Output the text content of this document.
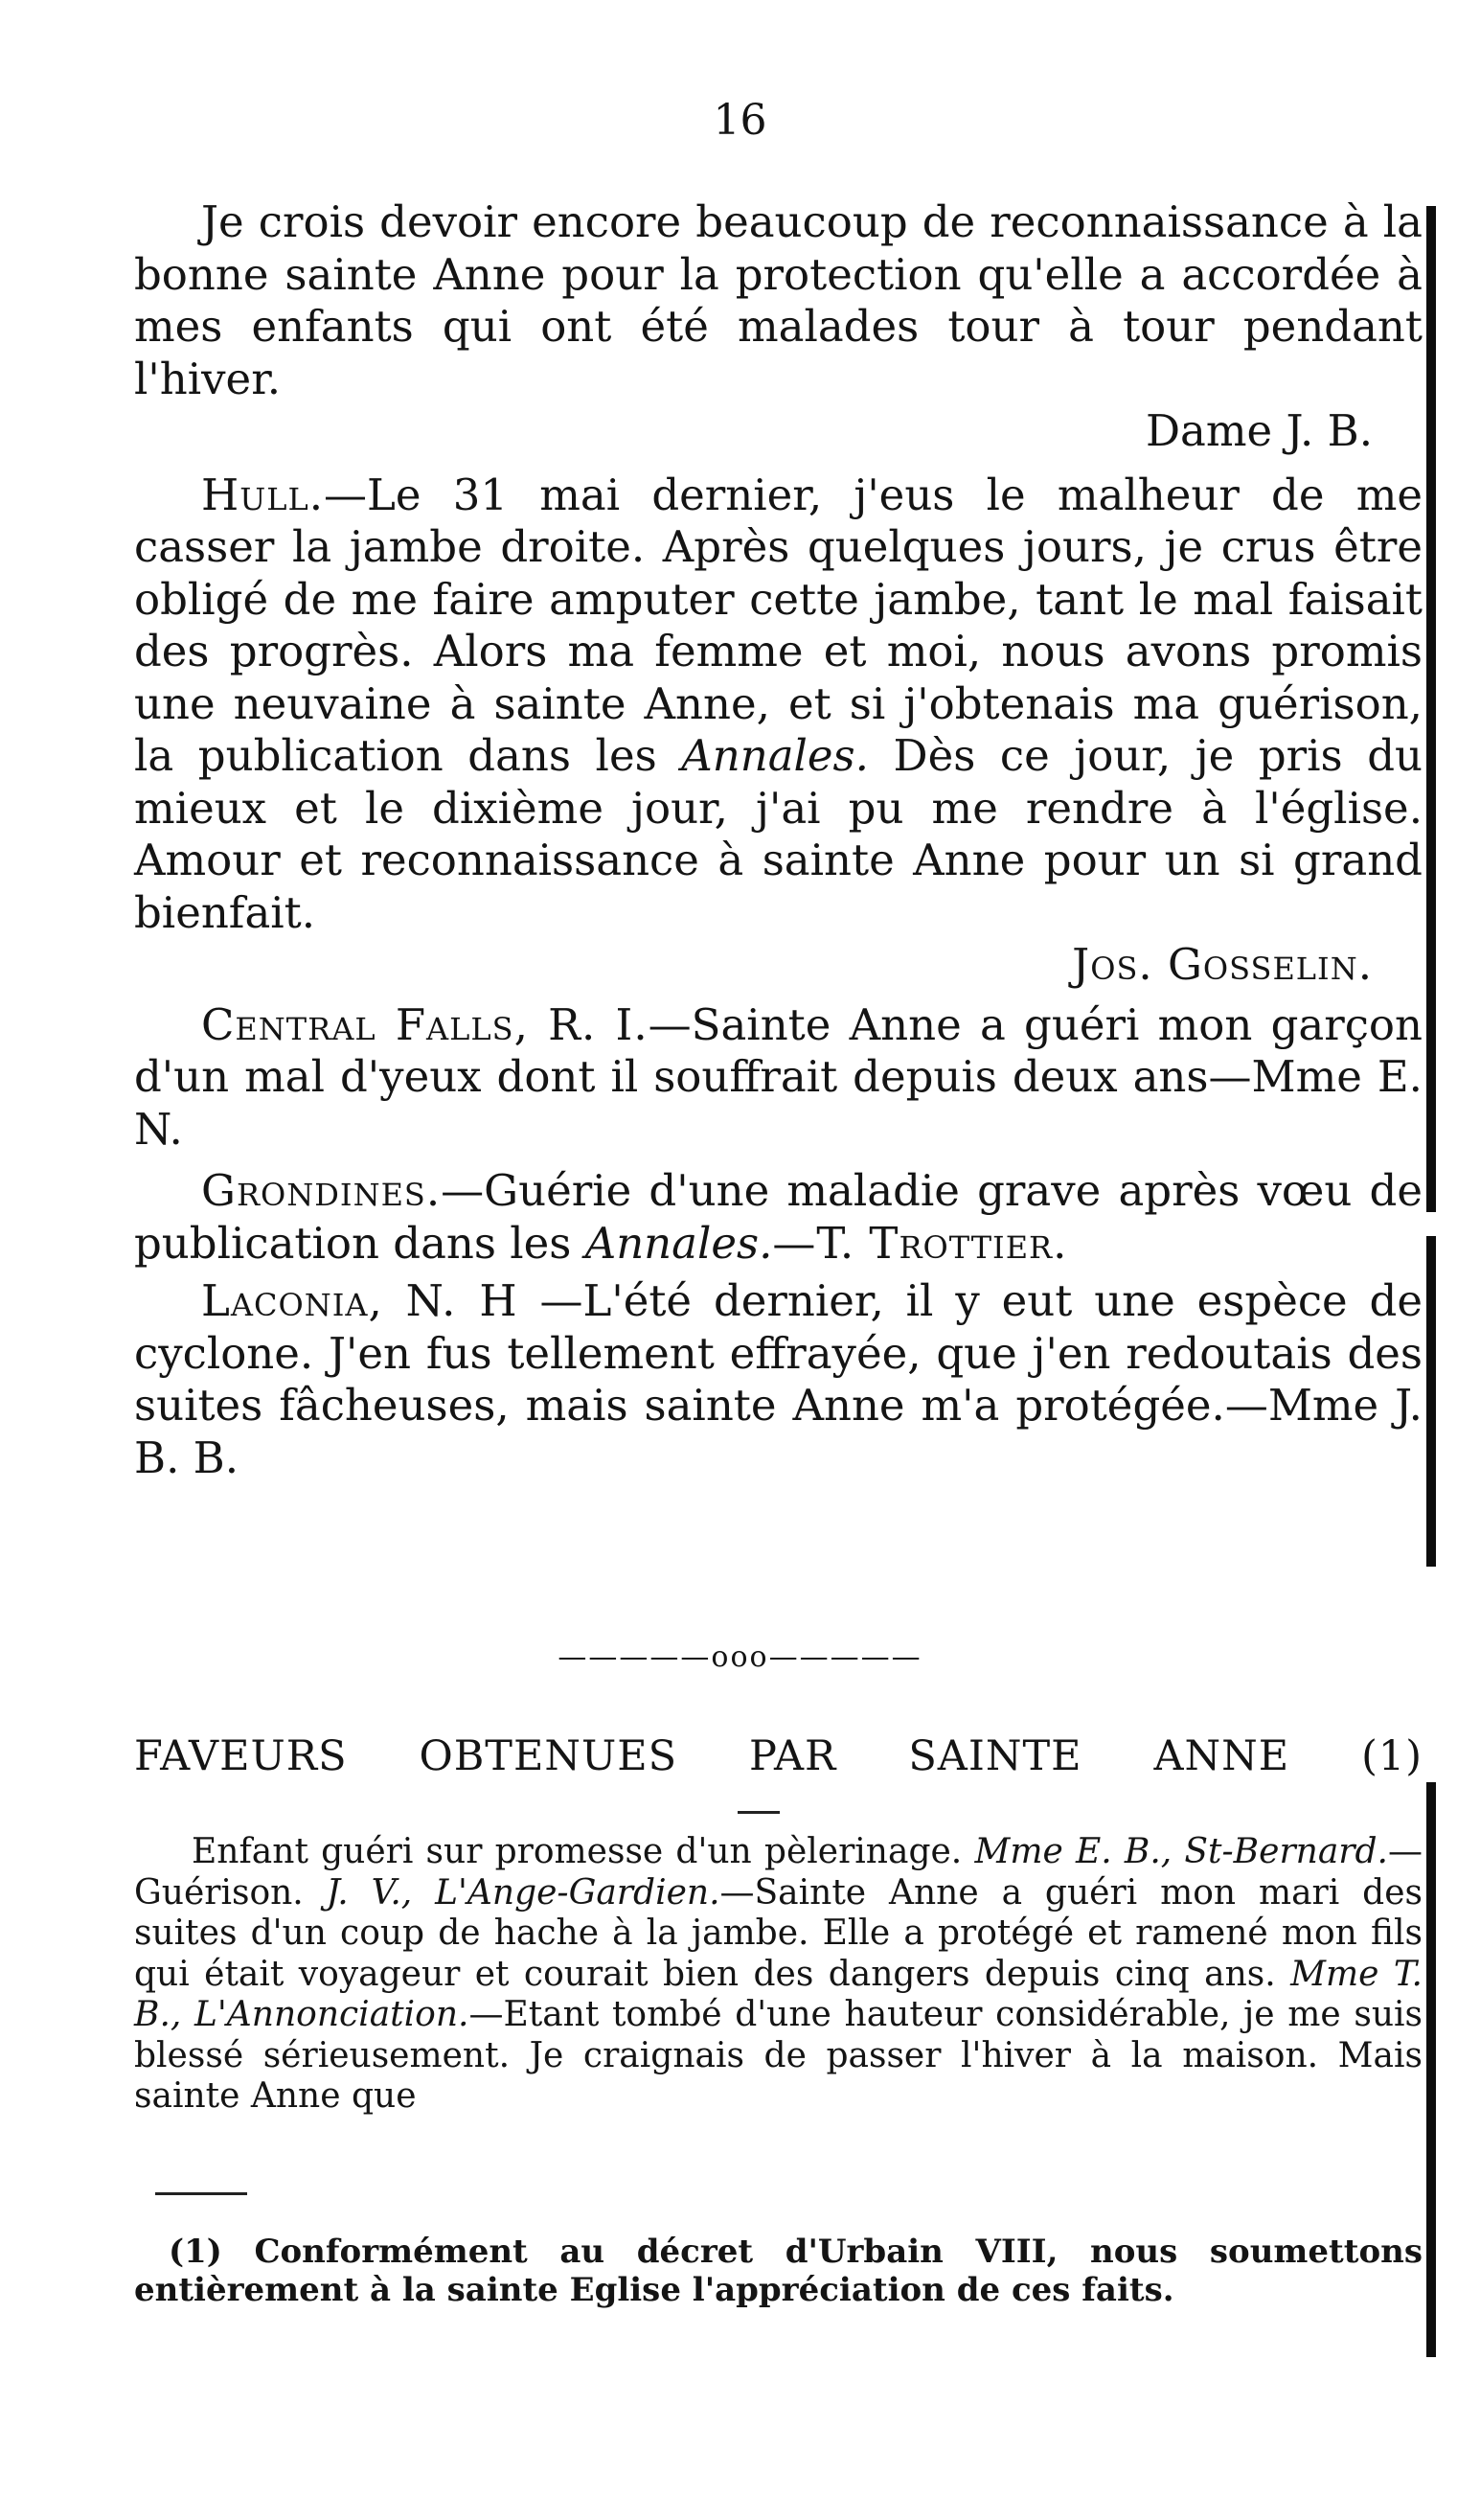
16
Je crois devoir encore beaucoup de reconnaissance à la bonne sainte Anne pour la protection qu'elle a accordée à mes enfants qui ont été malades tour à tour pendant l'hiver.
Dame J. B.
Hull.—Le 31 mai dernier, j'eus le malheur de me casser la jambe droite. Après quelques jours, je crus être obligé de me faire amputer cette jambe, tant le mal faisait des progrès. Alors ma femme et moi, nous avons promis une neuvaine à sainte Anne, et si j'obtenais ma guérison, la publication dans les Annales. Dès ce jour, je pris du mieux et le dixième jour, j'ai pu me rendre à l'église. Amour et reconnaissance à sainte Anne pour un si grand bienfait.
Jos. Gosselin.
Central Falls, R. I.—Sainte Anne a guéri mon garçon d'un mal d'yeux dont il souffrait depuis deux ans—Mme E. N.
Grondines.—Guérie d'une maladie grave après vœu de publication dans les Annales.—T. Trottier.
Laconia, N. H —L'été dernier, il y eut une espèce de cyclone. J'en fus tellement effrayée, que j'en redoutais des suites fâcheuses, mais sainte Anne m'a protégée.—Mme J. B. B.
—————ooo—————
FAVEURS OBTENUES PAR SAINTE ANNE (1)
Enfant guéri sur promesse d'un pèlerinage. Mme E. B., St-Bernard.—Guérison. J. V., L'Ange-Gardien.—Sainte Anne a guéri mon mari des suites d'un coup de hache à la jambe. Elle a protégé et ramené mon fils qui était voyageur et courait bien des dangers depuis cinq ans. Mme T. B., L'Annonciation.—Etant tombé d'une hauteur considérable, je me suis blessé sérieusement. Je craignais de passer l'hiver à la maison. Mais sainte Anne que
(1) Conformément au décret d'Urbain VIII, nous soumettons entièrement à la sainte Eglise l'appréciation de ces faits.
